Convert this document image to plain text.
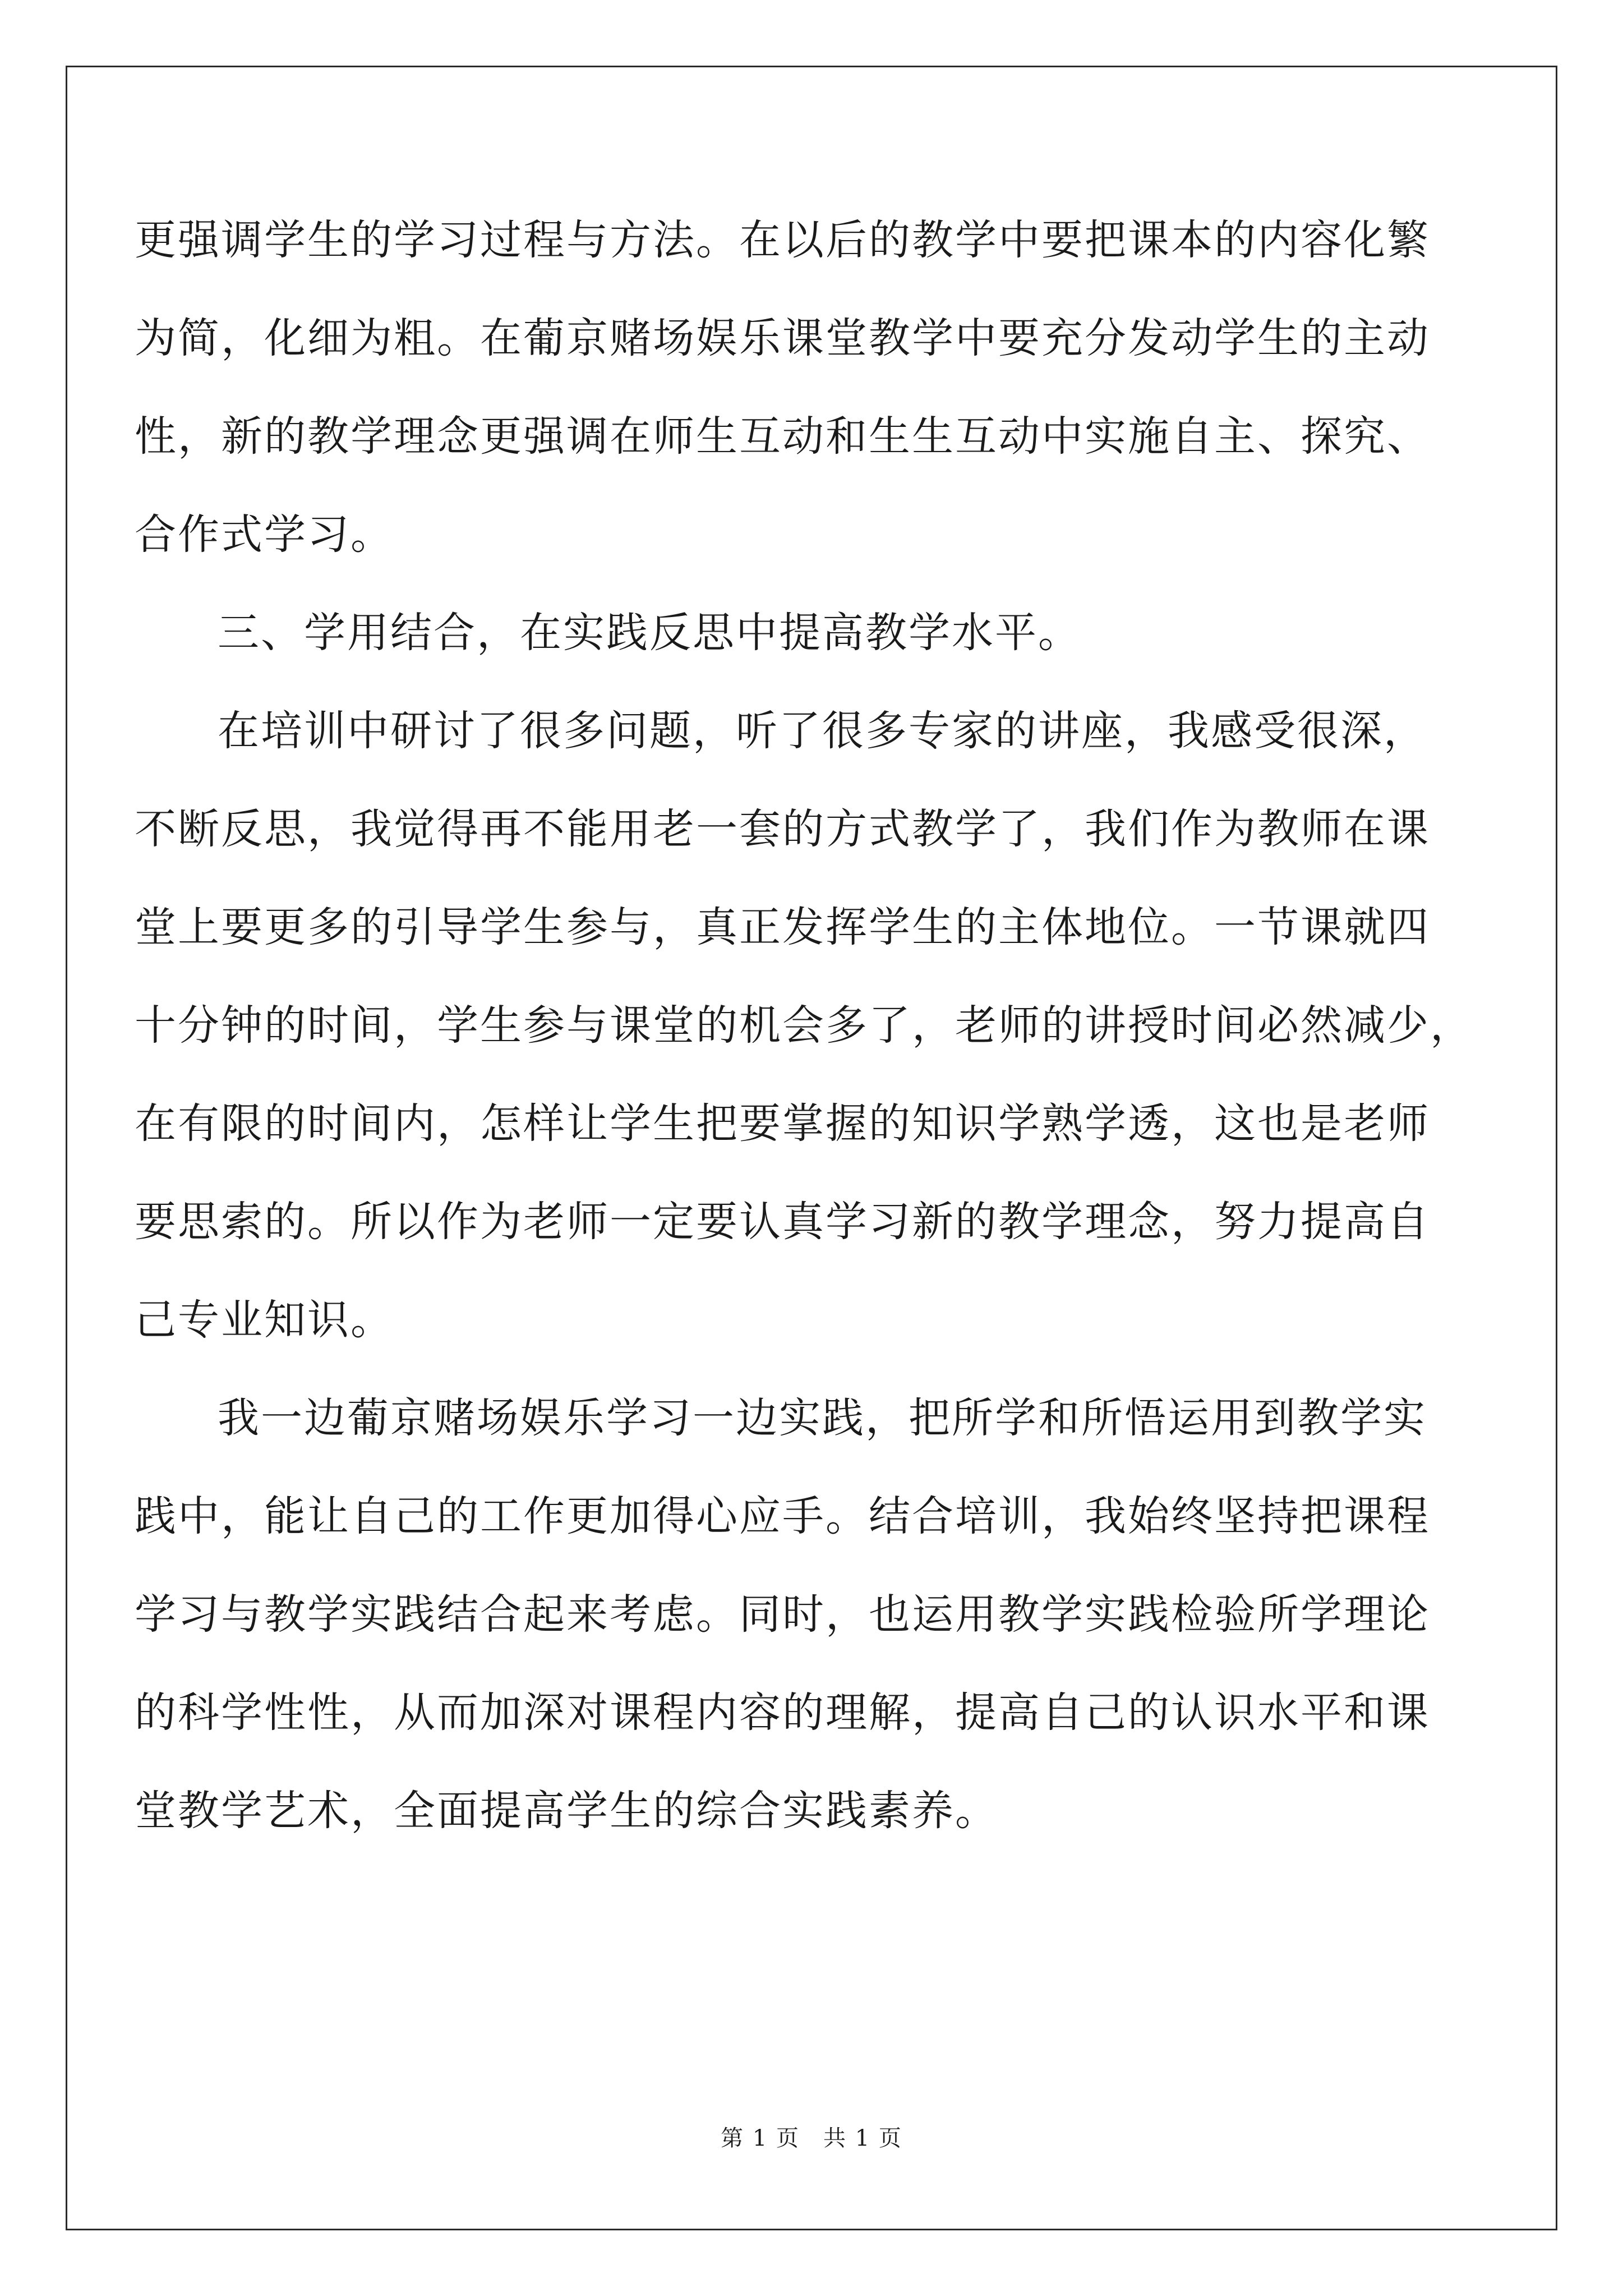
更强调学生的学习过程与方法。在以后的教学中要把课本的内容化繁
为简，化细为粗。在葡京赌场娱乐课堂教学中要充分发动学生的主动
性，新的教学理念更强调在师生互动和生生互动中实施自主、探究、
合作式学习。
三、学用结合，在实践反思中提高教学水平。
在培训中研讨了很多问题，听了很多专家的讲座，我感受很深，
不断反思，我觉得再不能用老一套的方式教学了，我们作为教师在课
堂上要更多的引导学生参与，真正发挥学生的主体地位。一节课就四
十分钟的时间，学生参与课堂的机会多了，老师的讲授时间必然减少，
在有限的时间内，怎样让学生把要掌握的知识学熟学透，这也是老师
要思索的。所以作为老师一定要认真学习新的教学理念，努力提高自
己专业知识。
我一边葡京赌场娱乐学习一边实践，把所学和所悟运用到教学实
践中，能让自己的工作更加得心应手。结合培训，我始终坚持把课程
学习与教学实践结合起来考虑。同时，也运用教学实践检验所学理论
的科学性性，从而加深对课程内容的理解，提高自己的认识水平和课
堂教学艺术，全面提高学生的综合实践素养。
第 1 页　共 1 页
